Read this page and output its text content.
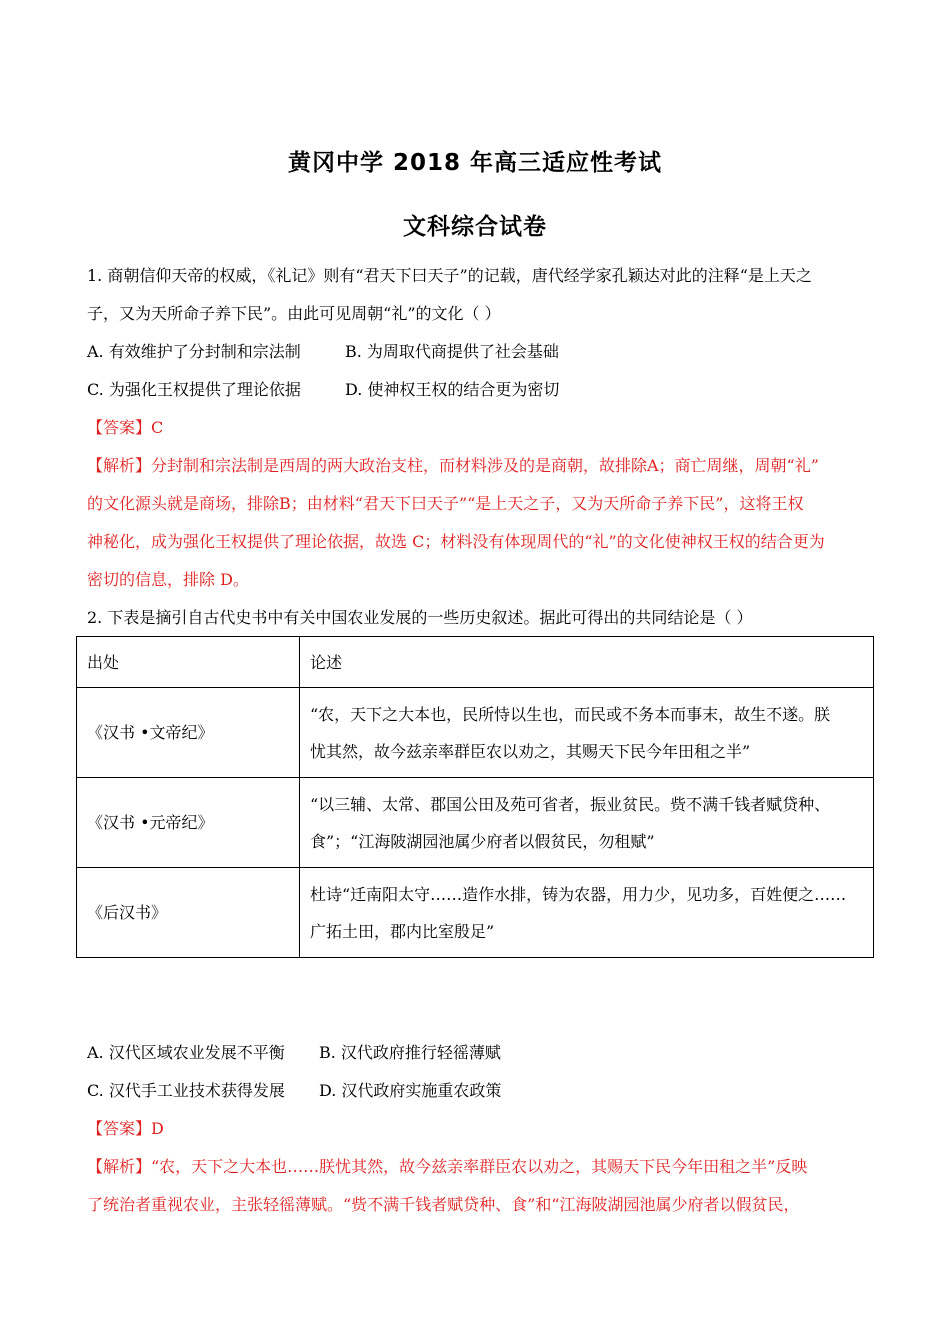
黄冈中学 2018 年高三适应性考试
文科综合试卷
1. 商朝信仰天帝的权威，《礼记》则有“君天下曰天子”的记载，唐代经学家孔颖达对此的注释“是上天之
子，又为天所命子养下民”。由此可见周朝“礼”的文化（ ）
A. 有效维护了分封制和宗法制	B. 为周取代商提供了社会基础
C. 为强化王权提供了理论依据	D. 使神权王权的结合更为密切
【答案】C
【解析】分封制和宗法制是西周的两大政治支柱，而材料涉及的是商朝，故排除A；商亡周继，周朝“礼”
的文化源头就是商场，排除B；由材料“君天下曰天子”“是上天之子，又为天所命子养下民”，这将王权
神秘化，成为强化王权提供了理论依据，故选 C；材料没有体现周代的“礼”的文化使神权王权的结合更为
密切的信息，排除 D。
2. 下表是摘引自古代史书中有关中国农业发展的一些历史叙述。据此可得出的共同结论是（ ）
出处	论述
《汉书 •文帝纪》	“农，天下之大本也，民所恃以生也，而民或不务本而事末，故生不遂。朕
忧其然，故今兹亲率群臣农以劝之，其赐天下民今年田租之半”

《汉书 •元帝纪》	“以三辅、太常、郡国公田及苑可省者，振业贫民。赀不满千钱者赋贷种、
食”；“江海陂湖园池属少府者以假贫民，勿租赋”

《后汉书》	杜诗“迁南阳太守……造作水排，铸为农器，用力少，见功多，百姓便之……
广拓土田，郡内比室殷足”
A. 汉代区域农业发展不平衡 B. 汉代政府推行轻徭薄赋
C. 汉代手工业技术获得发展 D. 汉代政府实施重农政策
【答案】D
【解析】“农，天下之大本也……朕忧其然，故今兹亲率群臣农以劝之，其赐天下民今年田租之半”反映
了统治者重视农业，主张轻徭薄赋。“赀不满千钱者赋贷种、食”和“江海陂湖园池属少府者以假贫民，
